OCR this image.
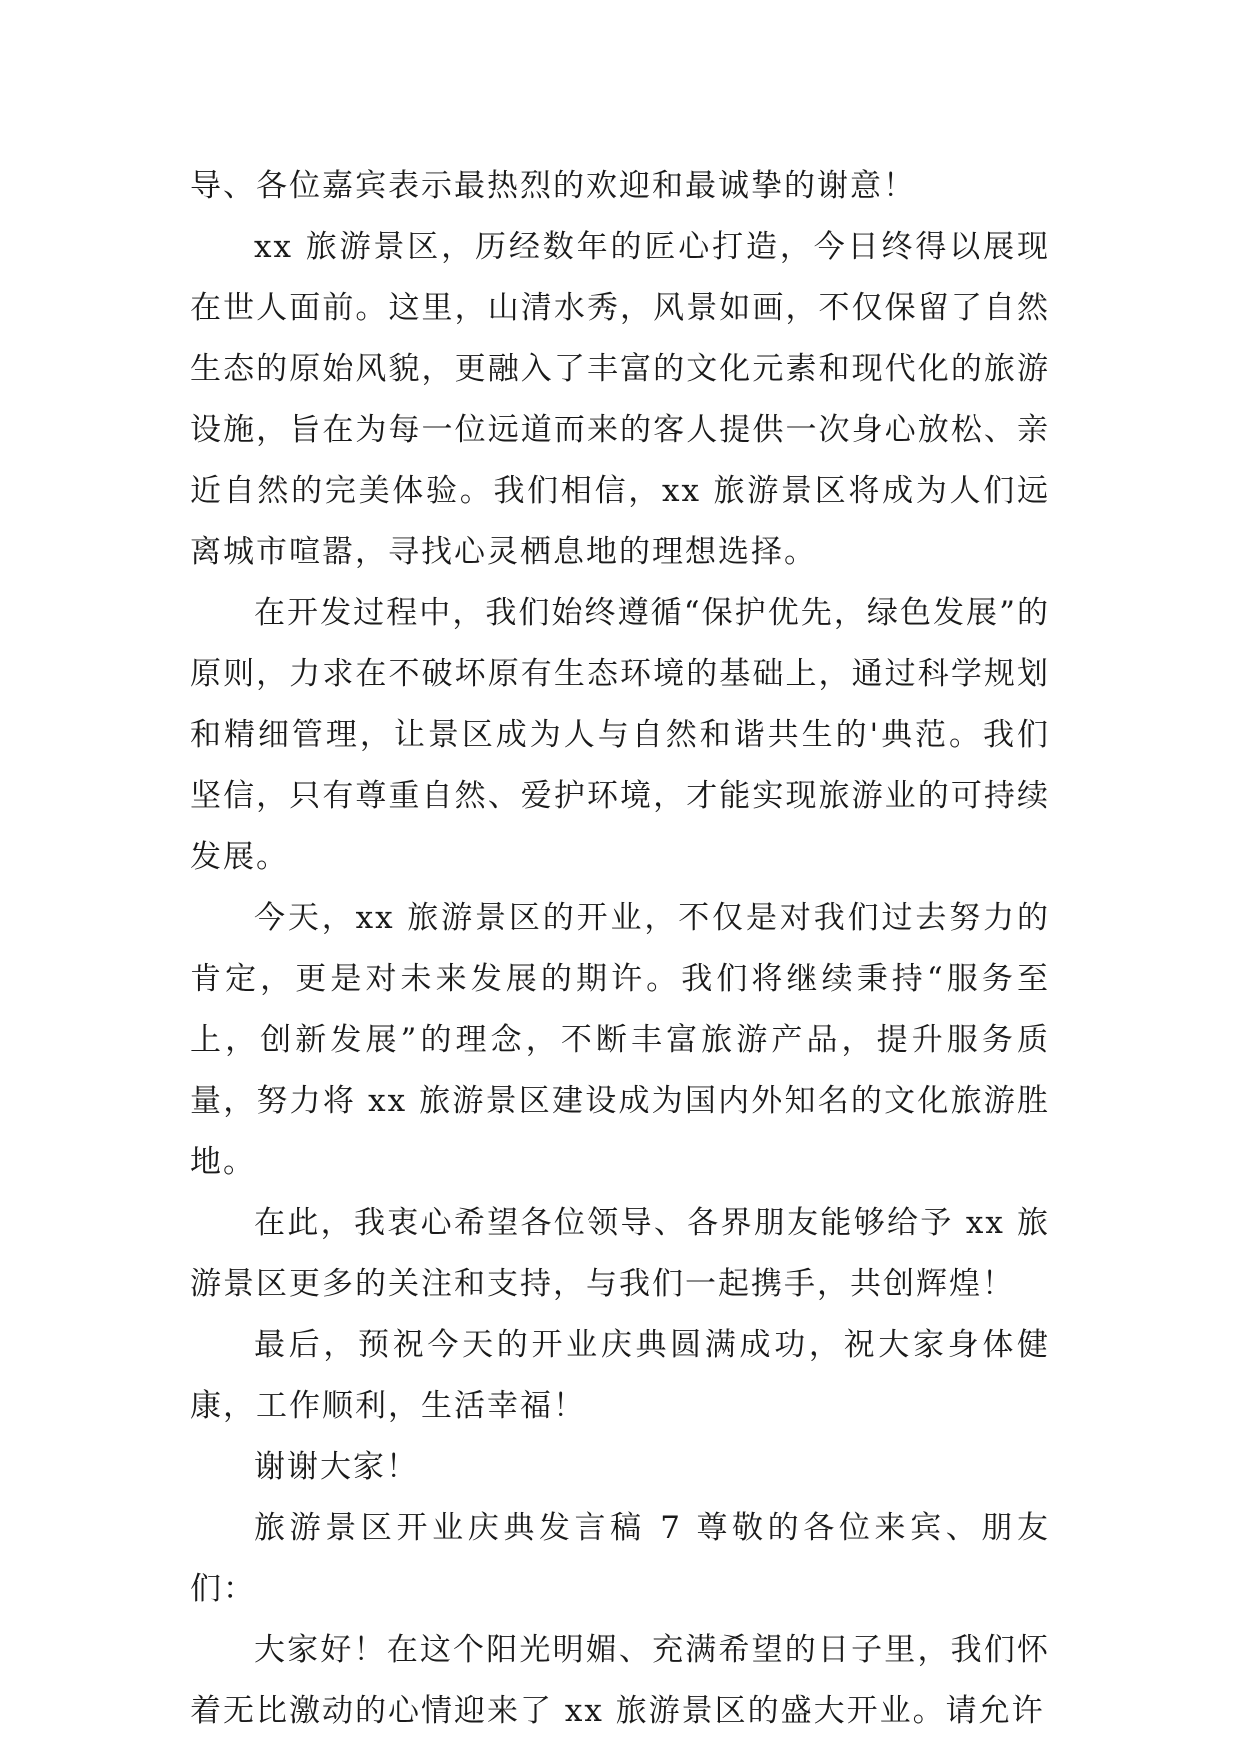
导、各位嘉宾表示最热烈的欢迎和最诚挚的谢意！

xx 旅游景区，历经数年的匠心打造，今日终得以展现在世人面前。这里，山清水秀，风景如画，不仅保留了自然生态的原始风貌，更融入了丰富的文化元素和现代化的旅游设施，旨在为每一位远道而来的客人提供一次身心放松、亲近自然的完美体验。我们相信，xx 旅游景区将成为人们远离城市喧嚣，寻找心灵栖息地的理想选择。

在开发过程中，我们始终遵循“保护优先，绿色发展”的原则，力求在不破坏原有生态环境的基础上，通过科学规划和精细管理，让景区成为人与自然和谐共生的'典范。我们坚信，只有尊重自然、爱护环境，才能实现旅游业的可持续发展。

今天，xx 旅游景区的开业，不仅是对我们过去努力的肯定，更是对未来发展的期许。我们将继续秉持“服务至上，创新发展”的理念，不断丰富旅游产品，提升服务质量，努力将 xx 旅游景区建设成为国内外知名的文化旅游胜地。

在此，我衷心希望各位领导、各界朋友能够给予 xx 旅游景区更多的关注和支持，与我们一起携手，共创辉煌！

最后，预祝今天的开业庆典圆满成功，祝大家身体健康，工作顺利，生活幸福！

谢谢大家！

旅游景区开业庆典发言稿 7 尊敬的各位来宾、朋友们：

大家好！在这个阳光明媚、充满希望的日子里，我们怀着无比激动的心情迎来了 xx 旅游景区的盛大开业。请允许
